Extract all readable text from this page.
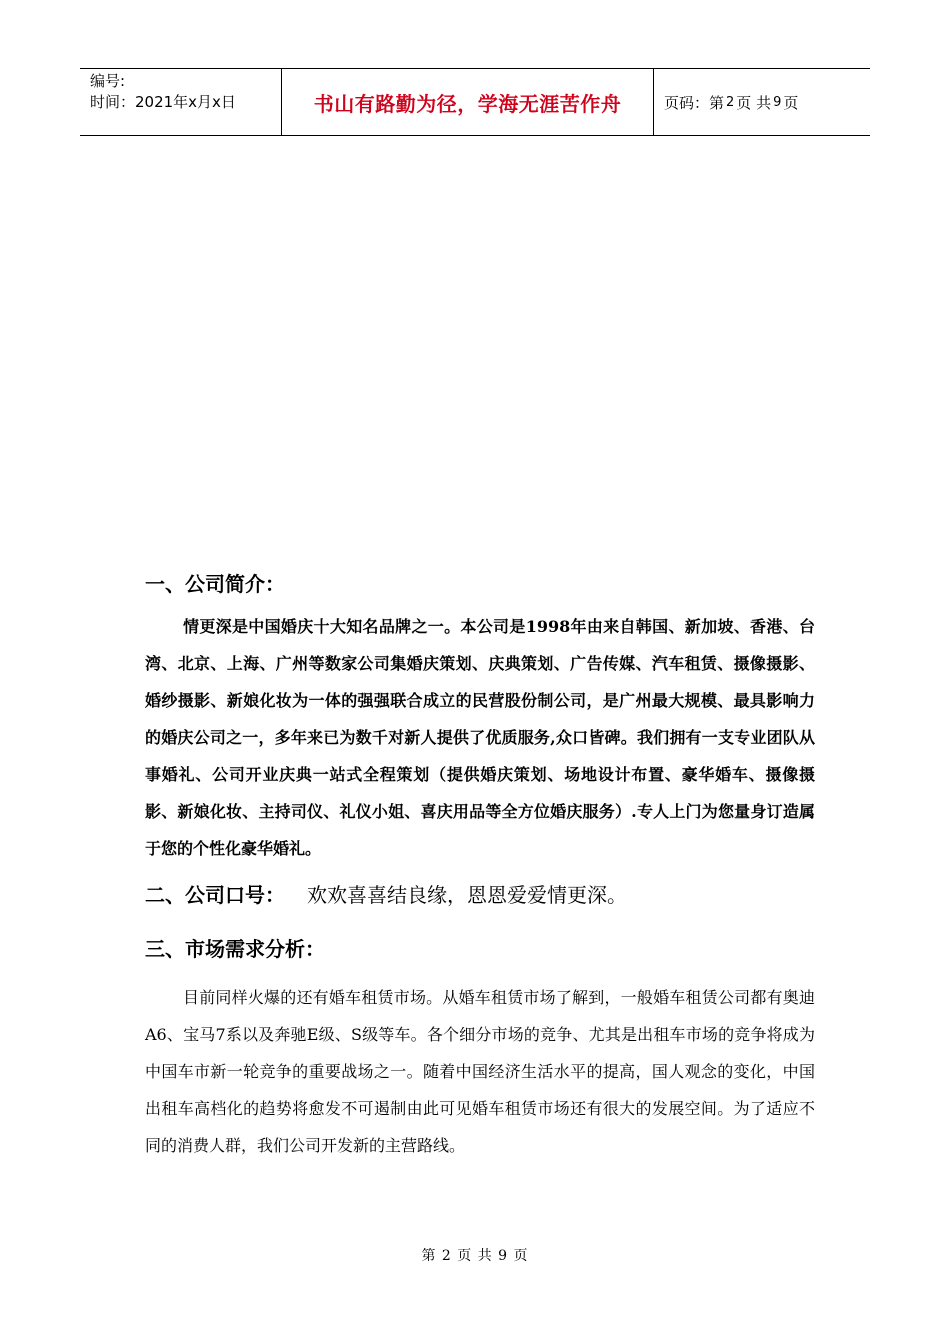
编号:
时间：2021年x月x日	书山有路勤为径，学海无涯苦作舟	页码：第 2 页 共 9 页
一、公司简介：

情更深是中国婚庆十大知名品牌之一。本公司是1998年由来自韩国、新加坡、香港、台湾、北京、上海、广州等数家公司集婚庆策划、庆典策划、广告传媒、汽车租赁、摄像摄影、婚纱摄影、新娘化妆为一体的强强联合成立的民营股份制公司，是广州最大规模、最具影响力的婚庆公司之一，多年来已为数千对新人提供了优质服务,众口皆碑。我们拥有一支专业团队从事婚礼、公司开业庆典一站式全程策划（提供婚庆策划、场地设计布置、豪华婚车、摄像摄影、新娘化妆、主持司仪、礼仪小姐、喜庆用品等全方位婚庆服务）.专人上门为您量身订造属于您的个性化豪华婚礼。

二、公司口号： 欢欢喜喜结良缘，恩恩爱爱情更深。
三、市场需求分析：

目前同样火爆的还有婚车租赁市场。从婚车租赁市场了解到，一般婚车租赁公司都有奥迪A6、宝马7系以及奔驰E级、S级等车。各个细分市场的竞争、尤其是出租车市场的竞争将成为中国车市新一轮竞争的重要战场之一。随着中国经济生活水平的提高，国人观念的变化，中国出租车高档化的趋势将愈发不可遏制由此可见婚车租赁市场还有很大的发展空间。为了适应不同的消费人群，我们公司开发新的主营路线。

第 2 页 共 9 页
